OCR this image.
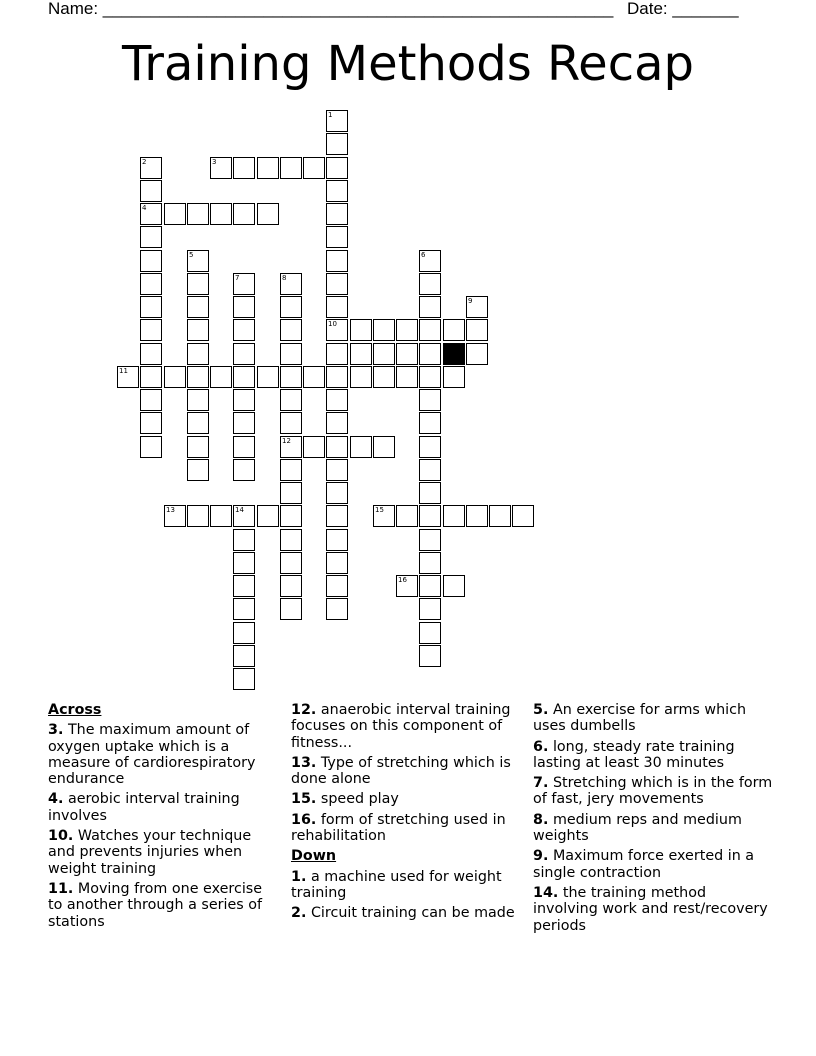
Name: ______________________________________________________ Date: _______
Training Methods Recap
1
10
2
4
3
5	6
7	8
12
9
11
13	14	15
16
Across
3. The maximum amount of oxygen uptake which is a measure of cardiorespiratory endurance
4. aerobic interval training involves
10. Watches your technique and prevents injuries when weight training
11. Moving from one exercise to another through a series of stations
12. anaerobic interval training focuses on this component of fitness...
13. Type of stretching which is done alone
15. speed play
16. form of stretching used in rehabilitation
Down
1. a machine used for weight training
2. Circuit training can be made
5. An exercise for arms which uses dumbells
6. long, steady rate training lasting at least 30 minutes
7. Stretching which is in the form of fast, jery movements
8. medium reps and medium weights
9. Maximum force exerted in a single contraction
14. the training method involving work and rest/recovery periods
